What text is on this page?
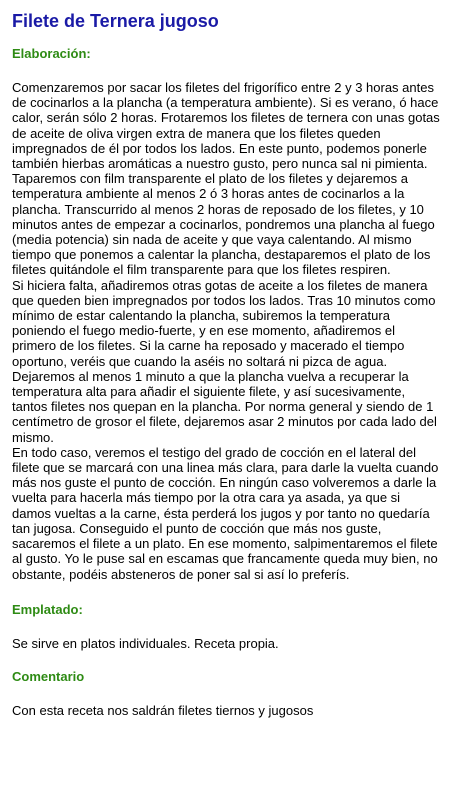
Filete de Ternera jugoso
Elaboración:

Comenzaremos por sacar los filetes del frigorífico entre 2 y 3 horas antes de cocinarlos a la plancha (a temperatura ambiente). Si es verano, ó hace calor, serán sólo 2 horas. Frotaremos los filetes de ternera con unas gotas de aceite de oliva virgen extra de manera que los filetes queden impregnados de él por todos los lados. En este punto, podemos ponerle también hierbas aromáticas a nuestro gusto, pero nunca sal ni pimienta. Taparemos con film transparente el plato de los filetes y dejaremos a temperatura ambiente al menos 2 ó 3 horas antes de cocinarlos a la plancha. Transcurrido al menos 2 horas de reposado de los filetes, y 10 minutos antes de empezar a cocinarlos, pondremos una plancha al fuego (media potencia) sin nada de aceite y que vaya calentando. Al mismo tiempo que ponemos a calentar la plancha, destaparemos el plato de los filetes quitándole el film transparente para que los filetes respiren.

Si hiciera falta, añadiremos otras gotas de aceite a los filetes de manera que queden bien impregnados por todos los lados. Tras 10 minutos como mínimo de estar calentando la plancha, subiremos la temperatura poniendo el fuego medio-fuerte, y en ese momento, añadiremos el primero de los filetes. Si la carne ha reposado y macerado el tiempo oportuno, veréis que cuando la aséis no soltará ni pizca de agua. Dejaremos al menos 1 minuto a que la plancha vuelva a recuperar la temperatura alta para añadir el siguiente filete, y así sucesivamente, tantos filetes nos quepan en la plancha. Por norma general y siendo de 1 centímetro de grosor el filete, dejaremos asar 2 minutos por cada lado del mismo.

En todo caso, veremos el testigo del grado de cocción en el lateral del filete que se marcará con una linea más clara, para darle la vuelta cuando más nos guste el punto de cocción. En ningún caso volveremos a darle la vuelta para hacerla más tiempo por la otra cara ya asada, ya que si damos vueltas a la carne, ésta perderá los jugos y por tanto no quedaría tan jugosa. Conseguido el punto de cocción que más nos guste, sacaremos el filete a un plato. En ese momento, salpimentaremos el filete al gusto. Yo le puse sal en escamas que francamente queda muy bien, no obstante, podéis absteneros de poner sal si así lo preferís.

Emplatado:

Se sirve en platos individuales. Receta propia.

Comentario

Con esta receta nos saldrán filetes tiernos y jugosos
